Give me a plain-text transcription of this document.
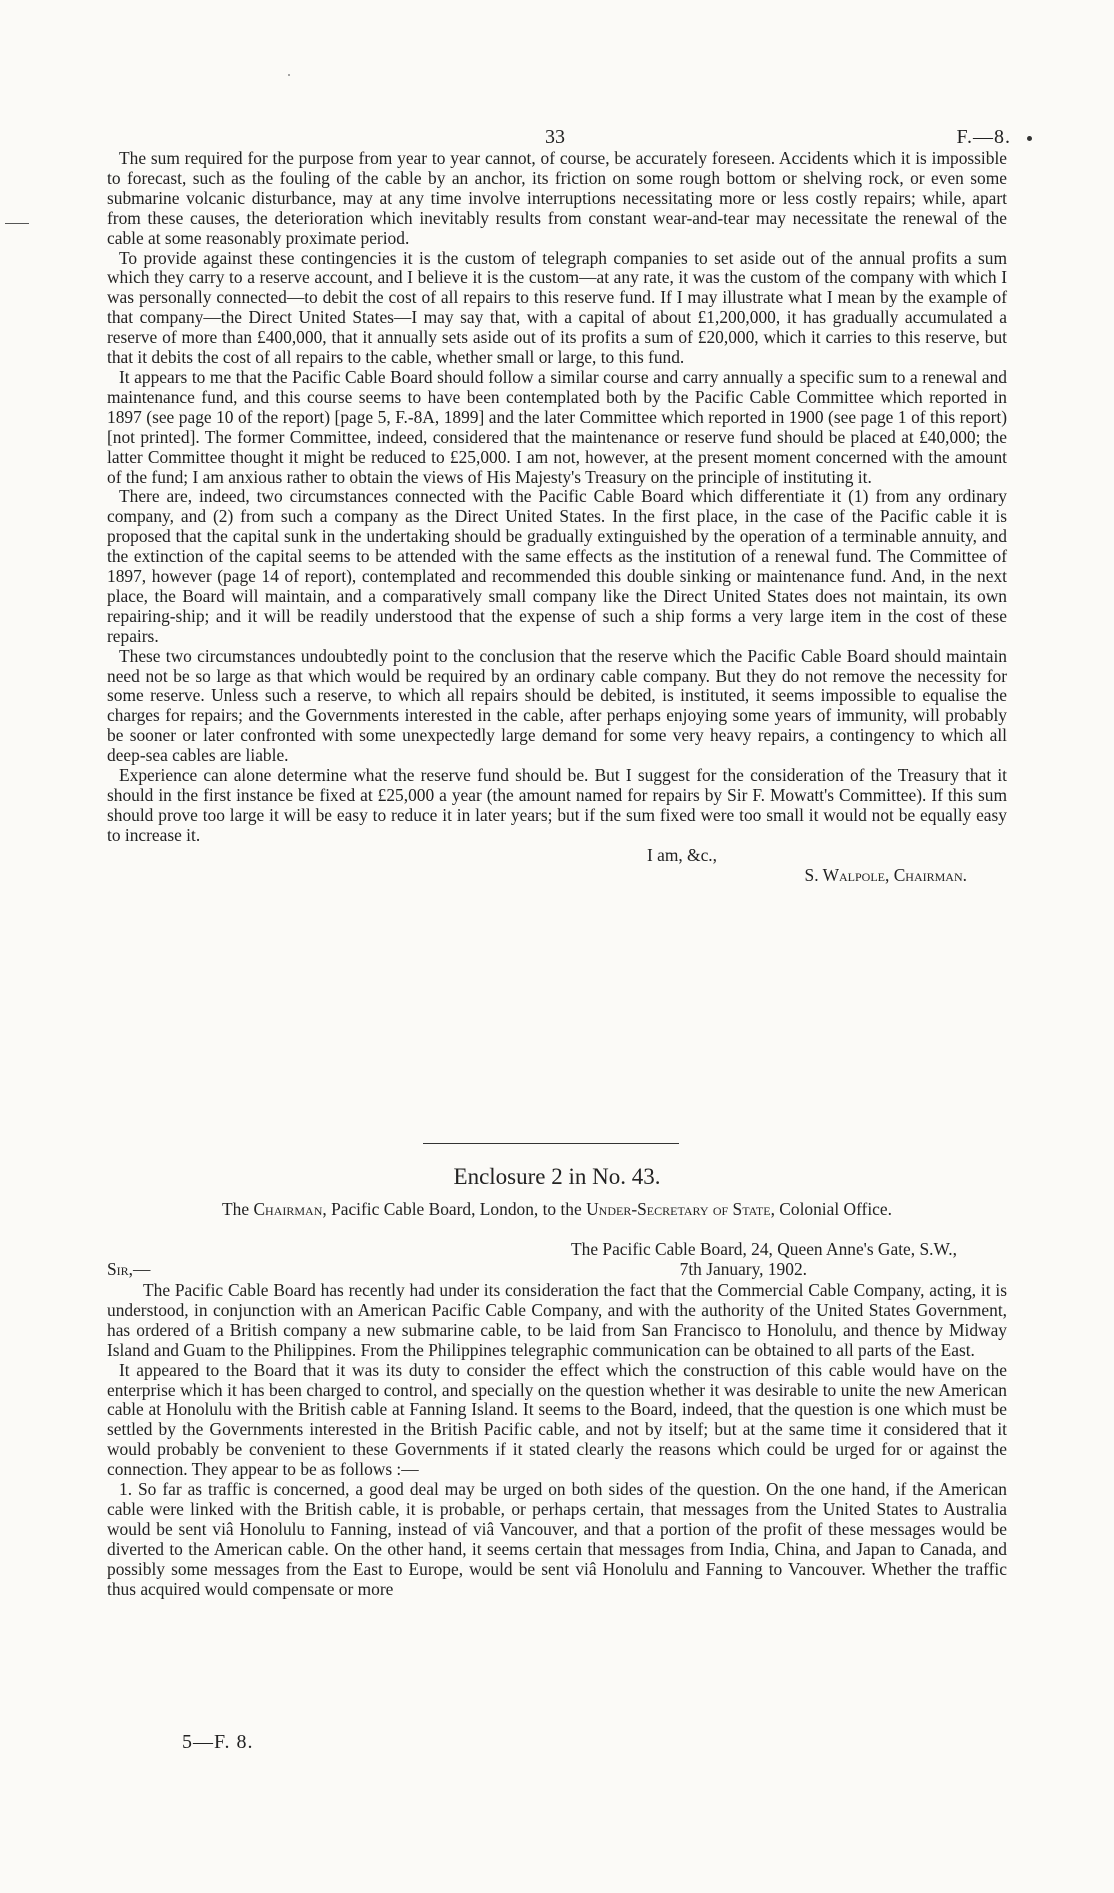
33	F.—8.

The sum required for the purpose from year to year cannot, of course, be accurately foreseen. Accidents which it is impossible to forecast, such as the fouling of the cable by an anchor, its friction on some rough bottom or shelving rock, or even some submarine volcanic disturbance, may at any time involve interruptions necessitating more or less costly repairs; while, apart from these causes, the deterioration which inevitably results from constant wear-and-tear may necessitate the renewal of the cable at some reasonably proximate period.

To provide against these contingencies it is the custom of telegraph companies to set aside out of the annual profits a sum which they carry to a reserve account, and I believe it is the custom—at any rate, it was the custom of the company with which I was personally connected—to debit the cost of all repairs to this reserve fund. If I may illustrate what I mean by the example of that company—the Direct United States—I may say that, with a capital of about £1,200,000, it has gradually accumulated a reserve of more than £400,000, that it annually sets aside out of its profits a sum of £20,000, which it carries to this reserve, but that it debits the cost of all repairs to the cable, whether small or large, to this fund.

It appears to me that the Pacific Cable Board should follow a similar course and carry annually a specific sum to a renewal and maintenance fund, and this course seems to have been contemplated both by the Pacific Cable Committee which reported in 1897 (see page 10 of the report) [page 5, F.-8A, 1899] and the later Committee which reported in 1900 (see page 1 of this report) [not printed]. The former Committee, indeed, considered that the maintenance or reserve fund should be placed at £40,000; the latter Committee thought it might be reduced to £25,000. I am not, however, at the present moment concerned with the amount of the fund; I am anxious rather to obtain the views of His Majesty's Treasury on the principle of instituting it.

There are, indeed, two circumstances connected with the Pacific Cable Board which differentiate it (1) from any ordinary company, and (2) from such a company as the Direct United States. In the first place, in the case of the Pacific cable it is proposed that the capital sunk in the undertaking should be gradually extinguished by the operation of a terminable annuity, and the extinction of the capital seems to be attended with the same effects as the institution of a renewal fund. The Committee of 1897, however (page 14 of report), contemplated and recommended this double sinking or maintenance fund. And, in the next place, the Board will maintain, and a comparatively small company like the Direct United States does not maintain, its own repairing-ship; and it will be readily understood that the expense of such a ship forms a very large item in the cost of these repairs.

These two circumstances undoubtedly point to the conclusion that the reserve which the Pacific Cable Board should maintain need not be so large as that which would be required by an ordinary cable company. But they do not remove the necessity for some reserve. Unless such a reserve, to which all repairs should be debited, is instituted, it seems impossible to equalise the charges for repairs; and the Governments interested in the cable, after perhaps enjoying some years of immunity, will probably be sooner or later confronted with some unexpectedly large demand for some very heavy repairs, a contingency to which all deep-sea cables are liable.

Experience can alone determine what the reserve fund should be. But I suggest for the consideration of the Treasury that it should in the first instance be fixed at £25,000 a year (the amount named for repairs by Sir F. Mowatt's Committee). If this sum should prove too large it will be easy to reduce it in later years; but if the sum fixed were too small it would not be equally easy to increase it.

I am, &c.,
S. Walpole, Chairman.
Enclosure 2 in No. 43.
The Chairman, Pacific Cable Board, London, to the Under-Secretary of State, Colonial Office.
The Pacific Cable Board, 24, Queen Anne's Gate, S.W.,
Sir,—	7th January, 1902.

The Pacific Cable Board has recently had under its consideration the fact that the Commercial Cable Company, acting, it is understood, in conjunction with an American Pacific Cable Company, and with the authority of the United States Government, has ordered of a British company a new submarine cable, to be laid from San Francisco to Honolulu, and thence by Midway Island and Guam to the Philippines. From the Philippines telegraphic communication can be obtained to all parts of the East.

It appeared to the Board that it was its duty to consider the effect which the construction of this cable would have on the enterprise which it has been charged to control, and specially on the question whether it was desirable to unite the new American cable at Honolulu with the British cable at Fanning Island. It seems to the Board, indeed, that the question is one which must be settled by the Governments interested in the British Pacific cable, and not by itself; but at the same time it considered that it would probably be convenient to these Governments if it stated clearly the reasons which could be urged for or against the connection. They appear to be as follows :—

1. So far as traffic is concerned, a good deal may be urged on both sides of the question. On the one hand, if the American cable were linked with the British cable, it is probable, or perhaps certain, that messages from the United States to Australia would be sent viâ Honolulu to Fanning, instead of viâ Vancouver, and that a portion of the profit of these messages would be diverted to the American cable. On the other hand, it seems certain that messages from India, China, and Japan to Canada, and possibly some messages from the East to Europe, would be sent viâ Honolulu and Fanning to Vancouver. Whether the traffic thus acquired would compensate or more

5—F. 8.
